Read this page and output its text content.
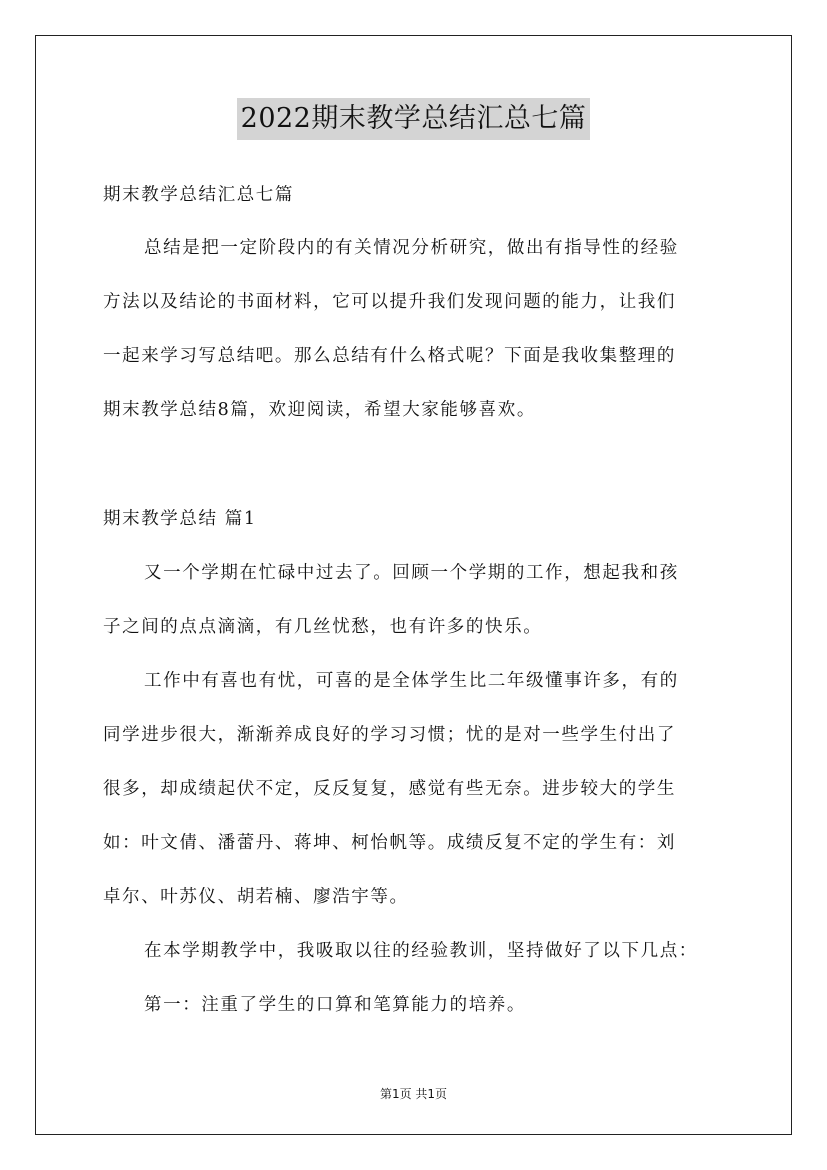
2022期末教学总结汇总七篇
期末教学总结汇总七篇
总结是把一定阶段内的有关情况分析研究，做出有指导性的经验
方法以及结论的书面材料，它可以提升我们发现问题的能力，让我们
一起来学习写总结吧。那么总结有什么格式呢？下面是我收集整理的
期末教学总结8篇，欢迎阅读，希望大家能够喜欢。
期末教学总结 篇1
又一个学期在忙碌中过去了。回顾一个学期的工作，想起我和孩
子之间的点点滴滴，有几丝忧愁，也有许多的快乐。
工作中有喜也有忧，可喜的是全体学生比二年级懂事许多，有的
同学进步很大，渐渐养成良好的学习习惯；忧的是对一些学生付出了
很多，却成绩起伏不定，反反复复，感觉有些无奈。进步较大的学生
如：叶文倩、潘蕾丹、蒋坤、柯怡帆等。成绩反复不定的学生有：刘
卓尔、叶苏仪、胡若楠、廖浩宇等。
在本学期教学中，我吸取以往的经验教训，坚持做好了以下几点：
第一：注重了学生的口算和笔算能力的培养。
第1页 共1页
